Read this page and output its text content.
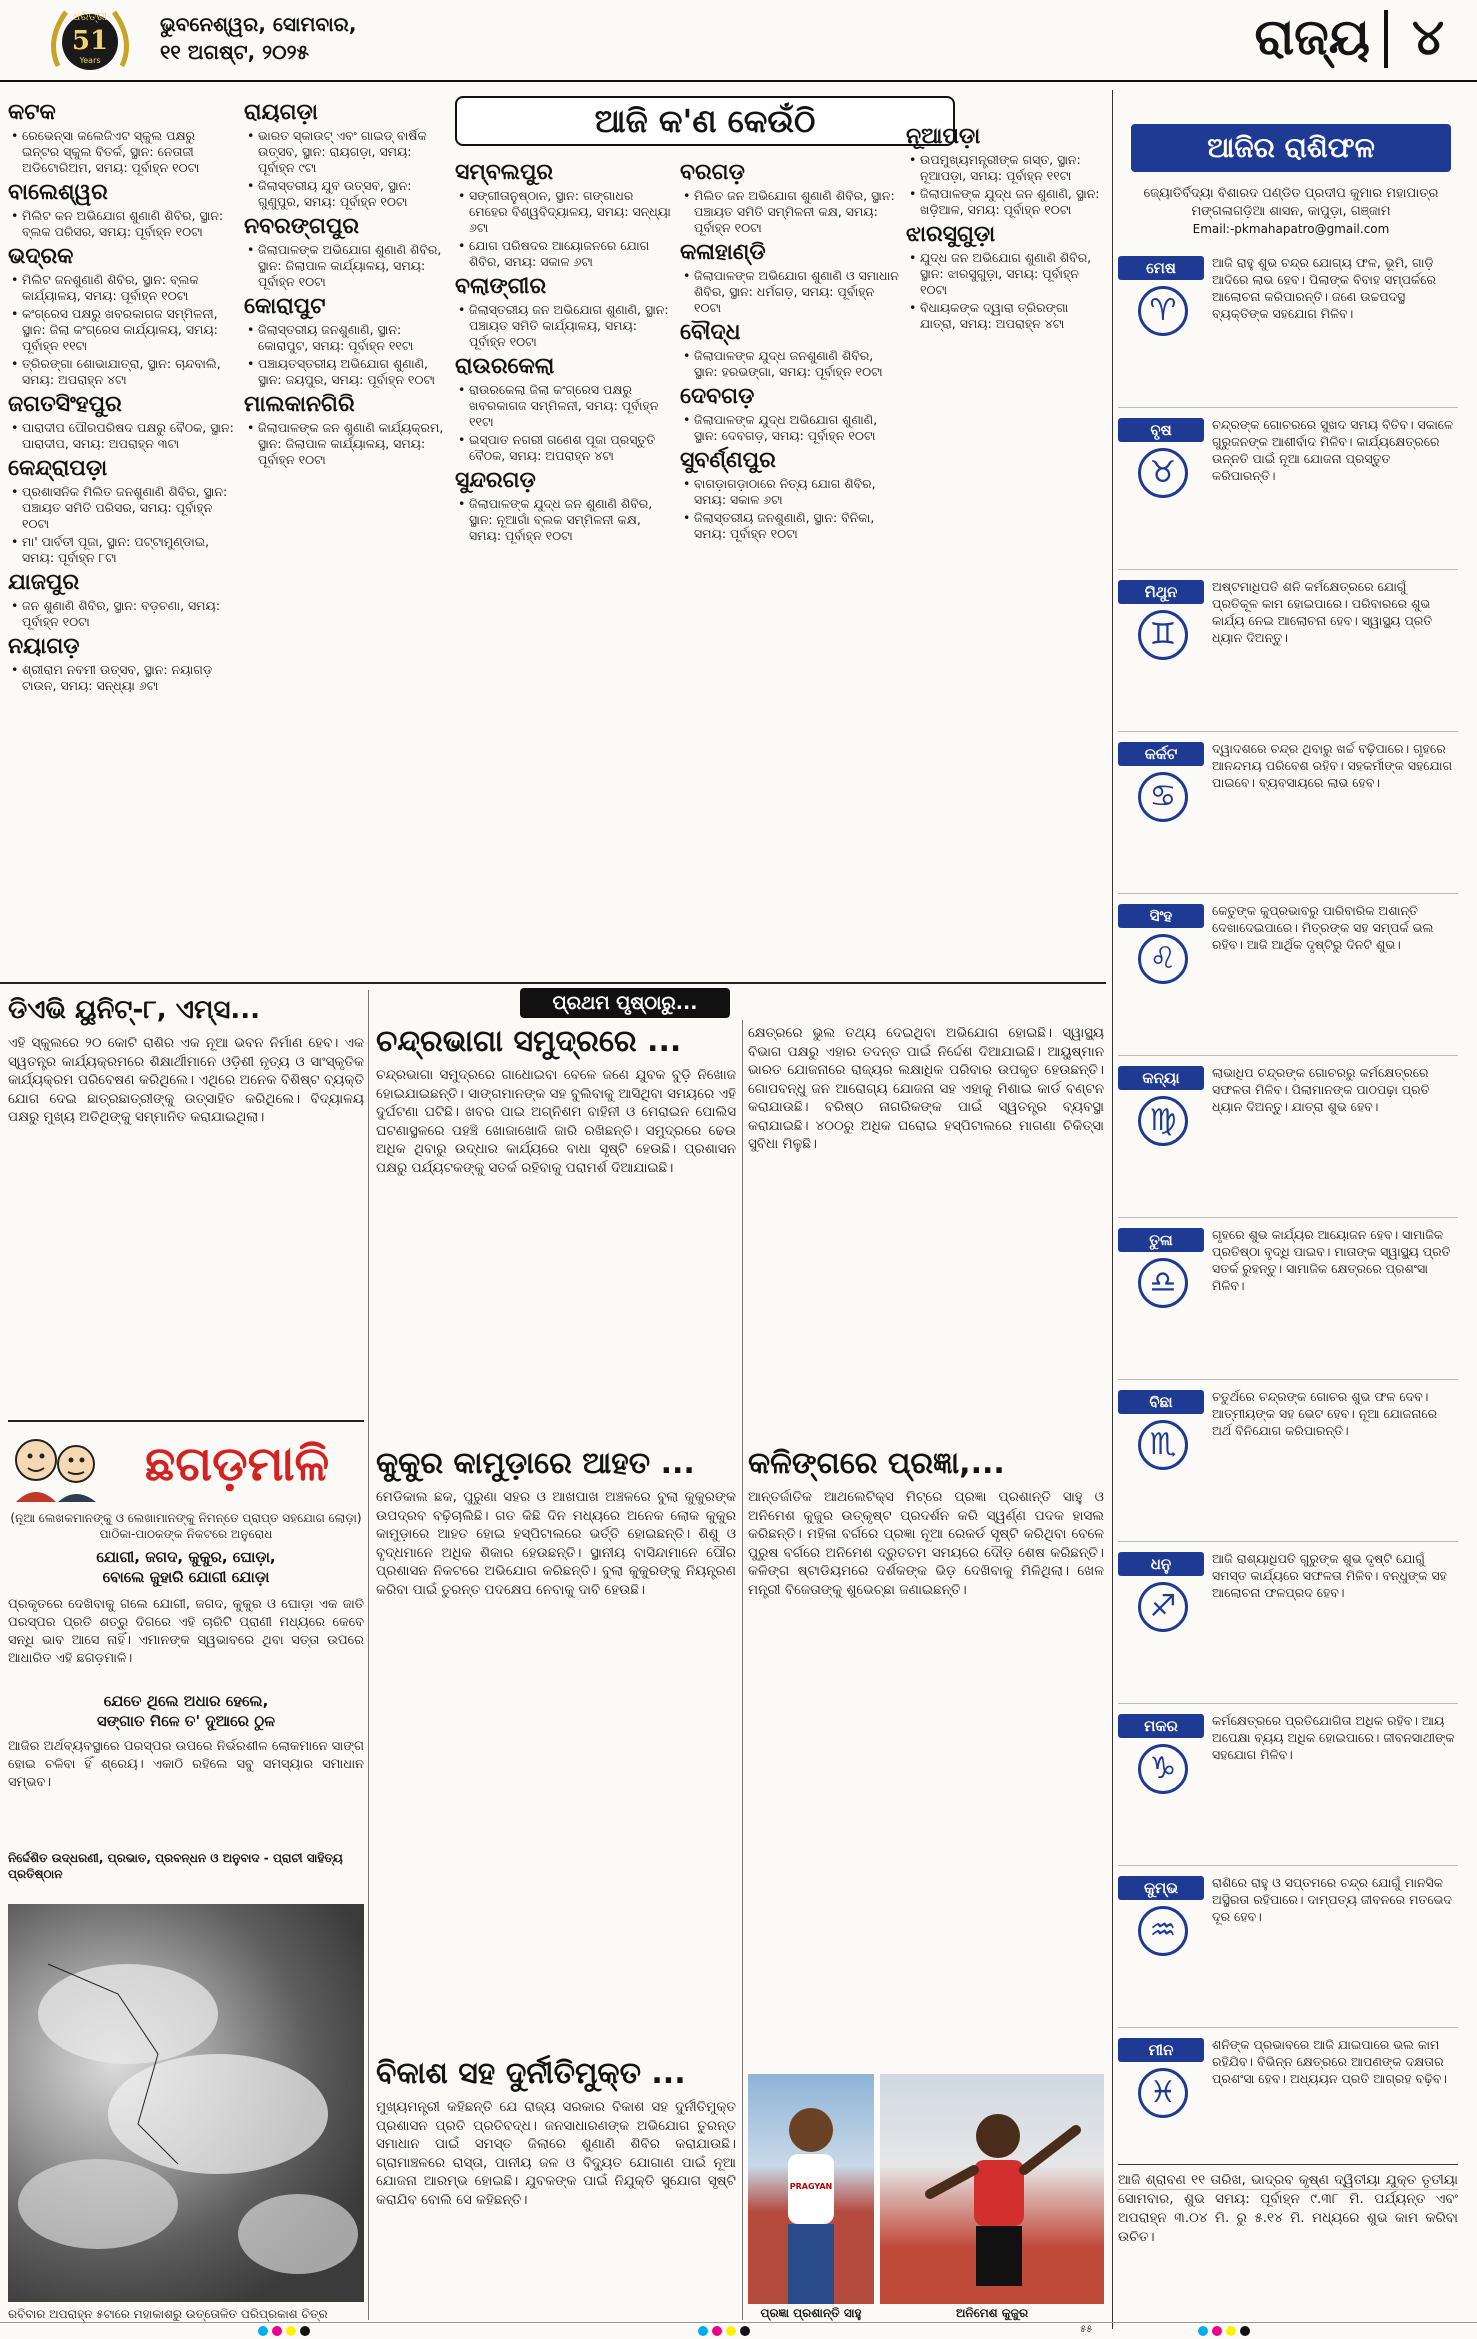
ଧରିତ୍ରୀ
51
Years
ଭୁବନେଶ୍ୱର, ସୋମବାର,
୧୧ ଅଗଷ୍ଟ, ୨୦୨୫	ରାଜ୍ୟ ୪
ଆଜି କ'ଣ କେଉଁଠି
କଟକ
• ରେଭେନ୍ସା କଲେଜିଏଟ ସ୍କୁଲ ପକ୍ଷରୁ ଇନ୍ଟର ସ୍କୁଲ ବିତର୍କ, ସ୍ଥାନ: ନେତାଜୀ ଅଡିଟୋରିଅମ, ସମୟ: ପୂର୍ବାହ୍ନ ୧୦ଟା
ବାଲେଶ୍ୱର
• ମିଲିଟ କନ ଅଭିଯୋଗ ଶୁଣାଣି ଶିବିର, ସ୍ଥାନ: ବ୍ଲକ ପରିସର, ସମୟ: ପୂର୍ବାହ୍ନ ୧୦ଟା
ଭଦ୍ରକ
• ମିଲିଟ ଜନଶୁଣାଣି ଶିବିର, ସ୍ଥାନ: ବ୍ଲକ କାର୍ଯ୍ୟାଳୟ, ସମୟ: ପୂର୍ବାହ୍ନ ୧୦ଟା
• କଂଗ୍ରେସ ପକ୍ଷରୁ ଖବରକାଗଜ ସମ୍ମିଳନୀ, ସ୍ଥାନ: ଜିଲା କଂଗ୍ରେସ କାର୍ଯ୍ୟାଳୟ, ସମୟ: ପୂର୍ବାହ୍ନ ୧୧ଟା
• ତ୍ରିରଙ୍ଗା ଶୋଭାଯାତ୍ରା, ସ୍ଥାନ: ଚାନ୍ଦବାଲି, ସମୟ: ଅପରାହ୍ନ ୪ଟା
ଜଗତସିଂହପୁର
• ପାରାଦୀପ ପୌରପରିଷଦ ପକ୍ଷରୁ ବୈଠକ, ସ୍ଥାନ: ପାରାଦୀପ, ସମୟ: ଅପରାହ୍ନ ୩ଟା
କେନ୍ଦ୍ରାପଡ଼ା
• ପ୍ରଶାସନିକ ମିଲିତ ଜନଶୁଣାଣି ଶିବିର, ସ୍ଥାନ: ପଞ୍ଚାୟତ ସମିତି ପରିସର, ସମୟ: ପୂର୍ବାହ୍ନ ୧୦ଟା
• ମା' ପାର୍ବତୀ ପୂଜା, ସ୍ଥାନ: ପଟ୍ଟାମୁଣ୍ଡାଇ, ସମୟ: ପୂର୍ବାହ୍ନ ୮ଟା
ଯାଜପୁର
• ଜନ ଶୁଣାଣି ଶିବିର, ସ୍ଥାନ: ବଡ଼ଚଣା, ସମୟ: ପୂର୍ବାହ୍ନ ୧୦ଟା
ନୟାଗଡ଼
• ଶ୍ରୀରାମ ନବମୀ ଉତ୍ସବ, ସ୍ଥାନ: ନୟାଗଡ଼ ଟାଉନ, ସମୟ: ସନ୍ଧ୍ୟା ୬ଟା
ରାୟଗଡ଼ା
• ଭାରତ ସ୍କାଉଟ୍ ଏବଂ ଗାଇଡ୍ ବାର୍ଷିକ ଉତ୍ସବ, ସ୍ଥାନ: ରାୟଗଡ଼ା, ସମୟ: ପୂର୍ବାହ୍ନ ୯ଟା
• ଜିଲାସ୍ତରୀୟ ଯୁବ ଉତ୍ସବ, ସ୍ଥାନ: ଗୁଣୁପୁର, ସମୟ: ପୂର୍ବାହ୍ନ ୧୦ଟା
ନବରଙ୍ଗପୁର
• ଜିଲାପାଳଙ୍କ ଅଭିଯୋଗ ଶୁଣାଣି ଶିବିର, ସ୍ଥାନ: ଜିଲାପାଳ କାର୍ଯ୍ୟାଳୟ, ସମୟ: ପୂର୍ବାହ୍ନ ୧୦ଟା
କୋରାପୁଟ
• ଜିଲାସ୍ତରୀୟ ଜନଶୁଣାଣି, ସ୍ଥାନ: କୋରାପୁଟ, ସମୟ: ପୂର୍ବାହ୍ନ ୧୧ଟା
• ପଞ୍ଚାୟତସ୍ତରୀୟ ଅଭିଯୋଗ ଶୁଣାଣି, ସ୍ଥାନ: ଜୟପୁର, ସମୟ: ପୂର୍ବାହ୍ନ ୧୦ଟା
ମାଲକାନଗିରି
• ଜିଲାପାଳଙ୍କ ଜନ ଶୁଣାଣି କାର୍ଯ୍ୟକ୍ରମ, ସ୍ଥାନ: ଜିଲାପାଳ କାର୍ଯ୍ୟାଳୟ, ସମୟ: ପୂର୍ବାହ୍ନ ୧୦ଟା
ସମ୍ବଲପୁର
• ସଙ୍ଗୀତାନୁଷ୍ଠାନ, ସ୍ଥାନ: ଗଙ୍ଗାଧର ମେହେର ବିଶ୍ୱବିଦ୍ୟାଳୟ, ସମୟ: ସନ୍ଧ୍ୟା ୬ଟା
• ଯୋଗ ପରିଷଦର ଆୟୋଜନରେ ଯୋଗ ଶିବିର, ସମୟ: ସକାଳ ୬ଟା
ବଲାଙ୍ଗୀର
• ଜିଲାସ୍ତରୀୟ ଜନ ଅଭିଯୋଗ ଶୁଣାଣି, ସ୍ଥାନ: ପଞ୍ଚାୟତ ସମିତି କାର୍ଯ୍ୟାଳୟ, ସମୟ: ପୂର୍ବାହ୍ନ ୧୦ଟା
ରାଉରକେଲା
• ରାଉରକେଲା ଜିଲା କଂଗ୍ରେସ ପକ୍ଷରୁ ଖବରକାଗଜ ସମ୍ମିଳନୀ, ସମୟ: ପୂର୍ବାହ୍ନ ୧୧ଟା
• ଇସ୍ପାତ ନଗରୀ ଗଣେଶ ପୂଜା ପ୍ରସ୍ତୁତି ବୈଠକ, ସମୟ: ଅପରାହ୍ନ ୪ଟା
ସୁନ୍ଦରଗଡ଼
• ଜିଲାପାଳଙ୍କ ଯୁଦ୍ଧ ଜନ ଶୁଣାଣି ଶିବିର, ସ୍ଥାନ: ନୂଆଗାଁ ବ୍ଲକ ସମ୍ମିଳନୀ କକ୍ଷ, ସମୟ: ପୂର୍ବାହ୍ନ ୧୦ଟା
ବରଗଡ଼
• ମିଲିତ ଜନ ଅଭିଯୋଗ ଶୁଣାଣି ଶିବିର, ସ୍ଥାନ: ପଞ୍ଚାୟତ ସମିତି ସମ୍ମିଳନୀ କକ୍ଷ, ସମୟ: ପୂର୍ବାହ୍ନ ୧୦ଟା
କଳାହାଣ୍ଡି
• ଜିଲାପାଳଙ୍କ ଅଭିଯୋଗ ଶୁଣାଣି ଓ ସମାଧାନ ଶିବିର, ସ୍ଥାନ: ଧର୍ମଗଡ଼, ସମୟ: ପୂର୍ବାହ୍ନ ୧୦ଟା
ବୌଦ୍ଧ
• ଜିଲାପାଳଙ୍କ ଯୁଦ୍ଧ ଜନଶୁଣାଣି ଶିବିର, ସ୍ଥାନ: ହରଭଙ୍ଗା, ସମୟ: ପୂର୍ବାହ୍ନ ୧୦ଟା
ଦେବଗଡ଼
• ଜିଲାପାଳଙ୍କ ଯୁଦ୍ଧ ଅଭିଯୋଗ ଶୁଣାଣି, ସ୍ଥାନ: ଦେବଗଡ଼, ସମୟ: ପୂର୍ବାହ୍ନ ୧୦ଟା
ସୁବର୍ଣ୍ଣପୁର
• ବାଗଡ଼ାଗଡ଼ାଠାରେ ନିତ୍ୟ ଯୋଗ ଶିବିର, ସମୟ: ସକାଳ ୬ଟା
• ଜିଲାସ୍ତରୀୟ ଜନଶୁଣାଣି, ସ୍ଥାନ: ବିନିକା, ସମୟ: ପୂର୍ବାହ୍ନ ୧୦ଟା
ନୂଆପଡ଼ା
• ଉପମୁଖ୍ୟମନ୍ତ୍ରୀଙ୍କ ଗସ୍ତ, ସ୍ଥାନ: ନୂଆପଡ଼ା, ସମୟ: ପୂର୍ବାହ୍ନ ୧୧ଟା
• ଜିଲାପାଳଙ୍କ ଯୁଦ୍ଧ ଜନ ଶୁଣାଣି, ସ୍ଥାନ: ଖଡ଼ିଆଳ, ସମୟ: ପୂର୍ବାହ୍ନ ୧୦ଟା
ଝାରସୁଗୁଡ଼ା
• ଯୁଦ୍ଧ ଜନ ଅଭିଯୋଗ ଶୁଣାଣି ଶିବିର, ସ୍ଥାନ: ଝାରସୁଗୁଡ଼ା, ସମୟ: ପୂର୍ବାହ୍ନ ୧୦ଟା
• ବିଧାୟକଙ୍କ ଦ୍ୱାରା ତ୍ରିରଙ୍ଗା ଯାତ୍ରା, ସମୟ: ଅପରାହ୍ନ ୪ଟା
ଆଜିର ରାଶିଫଳ
ଜ୍ୟୋତିର୍ବିଦ୍ୟା ବିଶାରଦ ପଣ୍ଡିତ ପ୍ରଦୀପ କୁମାର ମହାପାତ୍ର
ମଙ୍ଗଳାଗଡ଼ିଆ ଶାସନ, କାପୁଡ଼ା, ଗଞ୍ଜାମ
Email:-pkmahapatro@gmail.com
ମେଷ
♈
ଆଜି ରାହୁ ଶୁଭ ଚନ୍ଦ୍ର ଯୋଗ୍ୟ ଫଳ, ଭୂମି, ଗାଡ଼ି ଆଦିରେ ଲାଭ ହେବ। ପିଲାଙ୍କ ବିବାହ ସମ୍ପର୍କରେ ଆଲୋଚନା କରିପାରନ୍ତି। ଜଣେ ଉଚ୍ଚପଦସ୍ଥ ବ୍ୟକ୍ତିଙ୍କ ସହଯୋଗ ମିଳିବ।
ବୃଷ
♉
ଚନ୍ଦ୍ରଙ୍କ ଗୋଚରରେ ସୁଖଦ ସମୟ ବିତିବ। ସକାଳେ ଗୁରୁଜନଙ୍କ ଆଶୀର୍ବାଦ ମିଳିବ। କାର୍ଯ୍ୟକ୍ଷେତ୍ରରେ ଉନ୍ନତି ପାଇଁ ନୂଆ ଯୋଜନା ପ୍ରସ୍ତୁତ କରିପାରନ୍ତି।
ମିଥୁନ
♊
ଅଷ୍ଟମାଧିପତି ଶନି କର୍ମକ୍ଷେତ୍ରରେ ଯୋଗୁଁ ପ୍ରତିକୂଳ କାମ ହୋଇପାରେ। ପରିବାରରେ ଶୁଭ କାର୍ଯ୍ୟ ନେଇ ଆଲୋଚନା ହେବ। ସ୍ୱାସ୍ଥ୍ୟ ପ୍ରତି ଧ୍ୟାନ ଦିଅନ୍ତୁ।
କର୍କଟ
♋
ଦ୍ୱାଦଶରେ ଚନ୍ଦ୍ର ଥିବାରୁ ଖର୍ଚ୍ଚ ବଢ଼ିପାରେ। ଗୃହରେ ଆନନ୍ଦମୟ ପରିବେଶ ରହିବ। ସହକର୍ମୀଙ୍କ ସହଯୋଗ ପାଇବେ। ବ୍ୟବସାୟରେ ଲାଭ ହେବ।
ସିଂହ
♌
କେତୁଙ୍କ କୁପ୍ରଭାବରୁ ପାରିବାରିକ ଅଶାନ୍ତି ଦେଖାଦେଇପାରେ। ମିତ୍ରଙ୍କ ସହ ସମ୍ପର୍କ ଭଲ ରହିବ। ଆଜି ଆର୍ଥିକ ଦୃଷ୍ଟିରୁ ଦିନଟି ଶୁଭ।
କନ୍ୟା
♍
ଲାଭାଧିପ ଚନ୍ଦ୍ରଙ୍କ ଗୋଚରରୁ କର୍ମକ୍ଷେତ୍ରରେ ସଫଳତା ମିଳିବ। ପିଲାମାନଙ୍କ ପାଠପଢ଼ା ପ୍ରତି ଧ୍ୟାନ ଦିଅନ୍ତୁ। ଯାତ୍ରା ଶୁଭ ହେବ।
ତୁଳା
♎
ଗୃହରେ ଶୁଭ କାର୍ଯ୍ୟର ଆୟୋଜନ ହେବ। ସାମାଜିକ ପ୍ରତିଷ୍ଠା ବୃଦ୍ଧି ପାଇବ। ମାତାଙ୍କ ସ୍ୱାସ୍ଥ୍ୟ ପ୍ରତି ସତର୍କ ରୁହନ୍ତୁ। ସାମାଜିକ କ୍ଷେତ୍ରରେ ପ୍ରଶଂସା ମିଳିବ।
ବିଛା
♏
ଚତୁର୍ଥରେ ଚନ୍ଦ୍ରଙ୍କ ଗୋଚର ଶୁଭ ଫଳ ଦେବ। ଆତ୍ମୀୟଙ୍କ ସହ ଭେଟ ହେବ। ନୂଆ ଯୋଜନାରେ ଅର୍ଥ ବିନିଯୋଗ କରିପାରନ୍ତି।
ଧନୁ
♐
ଆଜି ରାଶ୍ୟାଧିପତି ଗୁରୁଙ୍କ ଶୁଭ ଦୃଷ୍ଟି ଯୋଗୁଁ ସମସ୍ତ କାର୍ଯ୍ୟରେ ସଫଳତା ମିଳିବ। ବନ୍ଧୁଙ୍କ ସହ ଆଲୋଚନା ଫଳପ୍ରଦ ହେବ।
ମକର
♑
କର୍ମକ୍ଷେତ୍ରରେ ପ୍ରତିଯୋଗିତା ଅଧିକ ରହିବ। ଆୟ ଅପେକ୍ଷା ବ୍ୟୟ ଅଧିକ ହୋଇପାରେ। ଜୀବନସାଥୀଙ୍କ ସହଯୋଗ ମିଳିବ।
କୁମ୍ଭ
♒
ରାଶିରେ ରାହୁ ଓ ସପ୍ତମରେ ଚନ୍ଦ୍ର ଯୋଗୁଁ ମାନସିକ ଅସ୍ଥିରତା ରହିପାରେ। ଦାମ୍ପତ୍ୟ ଜୀବନରେ ମତଭେଦ ଦୂର ହେବ।
ମୀନ
♓
ଶନିଙ୍କ ପ୍ରଭାବରେ ଆଜି ଯାଇପାରେ ଭଲ କାମ ରହିଯିବ। ବିଭିନ୍ନ କ୍ଷେତ୍ରରେ ଆପଣଙ୍କ ଦକ୍ଷତାର ପ୍ରଶଂସା ହେବ। ଅଧ୍ୟୟନ ପ୍ରତି ଆଗ୍ରହ ବଢ଼ିବ।
ଆଜି ଶ୍ରାବଣ ୧୧ ତାରିଖ, ଭାଦ୍ରବ କୃଷ୍ଣ ଦ୍ୱିତୀୟା ଯୁକ୍ତ ତୃତୀୟା ସୋମବାର, ଶୁଭ ସମୟ: ପୂର୍ବାହ୍ନ ୯.୩୮ ମି. ପର୍ଯ୍ୟନ୍ତ ଏବଂ ଅପରାହ୍ନ ୩.୦୪ ମି. ରୁ ୫.୧୪ ମି. ମଧ୍ୟରେ ଶୁଭ କାମ କରିବା ଉଚିତ।
ଡିଏଭି ୟୁନିଟ୍-୮, ଏମ୍ସ...
ଏହି ସ୍କୁଲରେ ୨୦ କୋଟି ରାଶିର ଏକ ନୂଆ ଭବନ ନିର୍ମାଣ ହେବ। ଏକ ସ୍ୱତନ୍ତ୍ର କାର୍ଯ୍ୟକ୍ରମରେ ଶିକ୍ଷାର୍ଥୀମାନେ ଓଡ଼ିଶୀ ନୃତ୍ୟ ଓ ସାଂସ୍କୃତିକ କାର୍ଯ୍ୟକ୍ରମ ପରିବେଷଣ କରିଥିଲେ। ଏଥିରେ ଅନେକ ବିଶିଷ୍ଟ ବ୍ୟକ୍ତି ଯୋଗ ଦେଇ ଛାତ୍ରଛାତ୍ରୀଙ୍କୁ ଉତ୍ସାହିତ କରିଥିଲେ। ବିଦ୍ୟାଳୟ ପକ୍ଷରୁ ମୁଖ୍ୟ ଅତିଥିଙ୍କୁ ସମ୍ମାନିତ କରାଯାଇଥିଲା।
ଛଗଡ଼ମାଳି
(ନୂଆ ଲେଖକମାନଙ୍କୁ ଓ ଲେଖାମାନଙ୍କୁ ନିମନ୍ତେ ପ୍ରାପ୍ତ ସହଯୋଗ ଲୋଡ଼ା) ପାଠିକା-ପାଠକଙ୍କ ନିକଟରେ ଅନୁରୋଧ
ଯୋଗୀ, ଜଗଦ, କୁକୁର, ଘୋଡ଼ା,
ବୋଲେ ଜୁହାରି ଯୋଗୀ ଯୋଡ଼ା
ପ୍ରକୃତରେ ଦେଖିବାକୁ ଗଲେ ଯୋଗୀ, ଜଗଦ, କୁକୁର ଓ ଘୋଡ଼ା ଏକ ଜାତି ପରସ୍ପର ପ୍ରତି ଶତ୍ରୁ ଦିଗରେ ଏହି ଚାରିଟି ପ୍ରାଣୀ ମଧ୍ୟରେ କେବେ ସନ୍ଧି ଭାବ ଆସେ ନାହିଁ। ଏମାନଙ୍କ ସ୍ୱଭାବରେ ଥିବା ସତ୍ତା ଉପରେ ଆଧାରିତ ଏହି ଛଗଡ଼ମାଳି।
ଯେତେ ଥିଲେ ଅଧାର ହେଲେ,
ସଙ୍ଗାତ ମିଳେ ତ' ଦୁଆରେ ଠୁଳ
ଆଜିର ଅର୍ଥବ୍ୟବସ୍ଥାରେ ପରସ୍ପର ଉପରେ ନିର୍ଭରଶୀଳ ଲୋକମାନେ ସାଙ୍ଗ ହୋଇ ଚଳିବା ହିଁ ଶ୍ରେୟ। ଏକାଠି ରହିଲେ ସବୁ ସମସ୍ୟାର ସମାଧାନ ସମ୍ଭବ।
ନିର୍ଦ୍ଦେଶିତ ଉଦ୍ଧରଣୀ, ପ୍ରଭାତ, ପ୍ରବନ୍ଧନ ଓ ଅନୁବାଦ - ପ୍ରାଚୀ ସାହିତ୍ୟ ପ୍ରତିଷ୍ଠାନ
ରବିବାର ଅପରାହ୍ନ ୫ଟାରେ ମହାକାଶରୁ ଉତ୍ତୋଳିତ ପରିପ୍ରକାଶ ଚିତ୍ର
ପ୍ରଥମ ପୃଷ୍ଠାରୁ...
ଚନ୍ଦ୍ରଭାଗା ସମୁଦ୍ରରେ ...
ଚନ୍ଦ୍ରଭାଗା ସମୁଦ୍ରରେ ଗାଧୋଇବା ବେଳେ ଜଣେ ଯୁବକ ବୁଡ଼ି ନିଖୋଜ ହୋଇଯାଇଛନ୍ତି। ସାଙ୍ଗମାନଙ୍କ ସହ ବୁଲିବାକୁ ଆସିଥିବା ସମୟରେ ଏହି ଦୁର୍ଘଟଣା ଘଟିଛି। ଖବର ପାଇ ଅଗ୍ନିଶମ ବାହିନୀ ଓ ମେରାଇନ ପୋଲିସ ଘଟଣାସ୍ଥଳରେ ପହଞ୍ଚି ଖୋଜାଖୋଜି ଜାରି ରଖିଛନ୍ତି। ସମୁଦ୍ରରେ ଢେଉ ଅଧିକ ଥିବାରୁ ଉଦ୍ଧାର କାର୍ଯ୍ୟରେ ବାଧା ସୃଷ୍ଟି ହେଉଛି। ପ୍ରଶାସନ ପକ୍ଷରୁ ପର୍ଯ୍ୟଟକଙ୍କୁ ସତର୍କ ରହିବାକୁ ପରାମର୍ଶ ଦିଆଯାଇଛି।
କୁକୁର କାମୁଡ଼ାରେ ଆହତ ...
ମେଡିକାଲ ଛକ, ପୁରୁଣା ସହର ଓ ଆଖପାଖ ଅଞ୍ଚଳରେ ବୁଲା କୁକୁରଙ୍କ ଉପଦ୍ରବ ବଢ଼ିଚାଲିଛି। ଗତ କିଛି ଦିନ ମଧ୍ୟରେ ଅନେକ ଲୋକ କୁକୁର କାମୁଡ଼ାରେ ଆହତ ହୋଇ ହସ୍ପିଟାଲରେ ଭର୍ତ୍ତି ହୋଇଛନ୍ତି। ଶିଶୁ ଓ ବୃଦ୍ଧମାନେ ଅଧିକ ଶିକାର ହେଉଛନ୍ତି। ସ୍ଥାନୀୟ ବାସିନ୍ଦାମାନେ ପୌର ପ୍ରଶାସନ ନିକଟରେ ଅଭିଯୋଗ କରିଛନ୍ତି। ବୁଲା କୁକୁରଙ୍କୁ ନିୟନ୍ତ୍ରଣ କରିବା ପାଇଁ ତୁରନ୍ତ ପଦକ୍ଷେପ ନେବାକୁ ଦାବି ହେଉଛି।
ବିକାଶ ସହ ଦୁର୍ନୀତିମୁକ୍ତ ...
ମୁଖ୍ୟମନ୍ତ୍ରୀ କହିଛନ୍ତି ଯେ ରାଜ୍ୟ ସରକାର ବିକାଶ ସହ ଦୁର୍ନୀତିମୁକ୍ତ ପ୍ରଶାସନ ପ୍ରତି ପ୍ରତିବଦ୍ଧ। ଜନସାଧାରଣଙ୍କ ଅଭିଯୋଗ ତୁରନ୍ତ ସମାଧାନ ପାଇଁ ସମସ୍ତ ଜିଲାରେ ଶୁଣାଣି ଶିବିର କରାଯାଉଛି। ଗ୍ରାମାଞ୍ଚଳରେ ରାସ୍ତା, ପାନୀୟ ଜଳ ଓ ବିଦ୍ୟୁତ ଯୋଗାଣ ପାଇଁ ନୂଆ ଯୋଜନା ଆରମ୍ଭ ହୋଇଛି। ଯୁବକଙ୍କ ପାଇଁ ନିଯୁକ୍ତି ସୁଯୋଗ ସୃଷ୍ଟି କରାଯିବ ବୋଲି ସେ କହିଛନ୍ତି।
କ୍ଷେତ୍ରରେ ଭୁଲ ତଥ୍ୟ ଦେଇଥିବା ଅଭିଯୋଗ ହୋଇଛି। ସ୍ୱାସ୍ଥ୍ୟ ବିଭାଗ ପକ୍ଷରୁ ଏହାର ତଦନ୍ତ ପାଇଁ ନିର୍ଦ୍ଦେଶ ଦିଆଯାଇଛି। ଆୟୁଷ୍ମାନ ଭାରତ ଯୋଜନାରେ ରାଜ୍ୟର ଲକ୍ଷାଧିକ ପରିବାର ଉପକୃତ ହେଉଛନ୍ତି। ଗୋପବନ୍ଧୁ ଜନ ଆରୋଗ୍ୟ ଯୋଜନା ସହ ଏହାକୁ ମିଶାଇ କାର୍ଡ ବଣ୍ଟନ କରାଯାଉଛି। ବରିଷ୍ଠ ନାଗରିକଙ୍କ ପାଇଁ ସ୍ୱତନ୍ତ୍ର ବ୍ୟବସ୍ଥା କରାଯାଇଛି। ୪୦୦ରୁ ଅଧିକ ଘରୋଇ ହସ୍ପିଟାଲରେ ମାଗଣା ଚିକିତ୍ସା ସୁବିଧା ମିଳୁଛି।
କଳିଙ୍ଗରେ ପ୍ରଜ୍ଞା,...
ଆନ୍ତର୍ଜାତିକ ଆଥଲେଟିକ୍ସ ମିଟ୍‌ରେ ପ୍ରଜ୍ଞା ପ୍ରଶାନ୍ତି ସାହୁ ଓ ଅନିମେଶ କୁଜୁର ଉତ୍କୃଷ୍ଟ ପ୍ରଦର୍ଶନ କରି ସ୍ୱର୍ଣ୍ଣ ପଦକ ହାସଲ କରିଛନ୍ତି। ମହିଳା ବର୍ଗରେ ପ୍ରଜ୍ଞା ନୂଆ ରେକର୍ଡ ସୃଷ୍ଟି କରିଥିବା ବେଳେ ପୁରୁଷ ବର୍ଗରେ ଅନିମେଶ ଦ୍ରୁତତମ ସମୟରେ ଦୌଡ଼ ଶେଷ କରିଛନ୍ତି। କଳିଙ୍ଗ ଷ୍ଟାଡିୟମରେ ଦର୍ଶକଙ୍କ ଭିଡ଼ ଦେଖିବାକୁ ମିଳିଥିଲା। ଖେଳ ମନ୍ତ୍ରୀ ବିଜେତାଙ୍କୁ ଶୁଭେଚ୍ଛା ଜଣାଇଛନ୍ତି।
PRAGYAN
ପ୍ରଜ୍ଞା ପ୍ରଶାନ୍ତି ସାହୁ	ଅନିମେଶ କୁଜୁର
୫୫
